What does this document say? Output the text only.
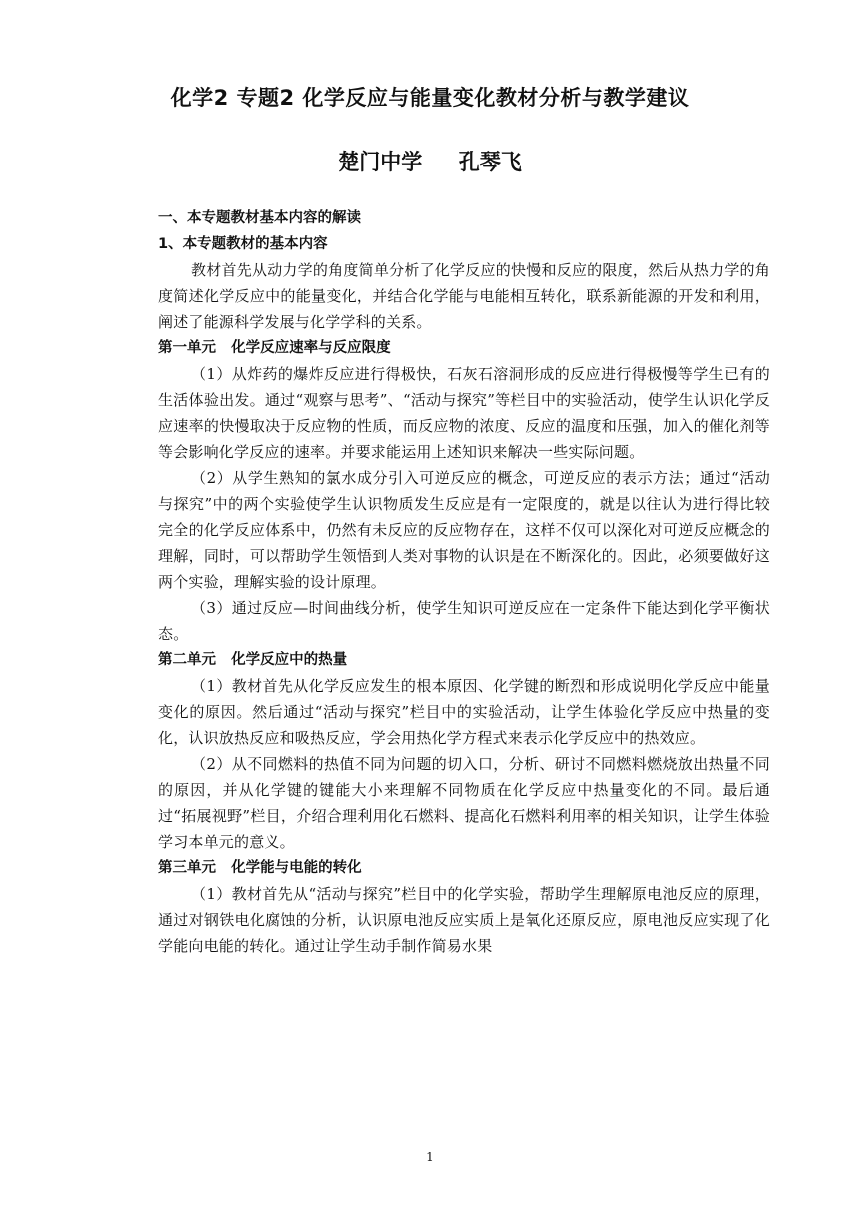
化学2 专题2 化学反应与能量变化教材分析与教学建议
楚门中学     孔琴飞
一、本专题教材基本内容的解读
1、本专题教材的基本内容

教材首先从动力学的角度简单分析了化学反应的快慢和反应的限度，然后从热力学的角度简述化学反应中的能量变化，并结合化学能与电能相互转化，联系新能源的开发和利用，阐述了能源科学发展与化学学科的关系。

第一单元   化学反应速率与反应限度

（1）从炸药的爆炸反应进行得极快，石灰石溶洞形成的反应进行得极慢等学生已有的生活体验出发。通过“观察与思考”、“活动与探究”等栏目中的实验活动，使学生认识化学反应速率的快慢取决于反应物的性质，而反应物的浓度、反应的温度和压强，加入的催化剂等等会影响化学反应的速率。并要求能运用上述知识来解决一些实际问题。

（2）从学生熟知的氯水成分引入可逆反应的概念，可逆反应的表示方法；通过“活动与探究”中的两个实验使学生认识物质发生反应是有一定限度的，就是以往认为进行得比较完全的化学反应体系中，仍然有未反应的反应物存在，这样不仅可以深化对可逆反应概念的理解，同时，可以帮助学生领悟到人类对事物的认识是在不断深化的。因此，必须要做好这两个实验，理解实验的设计原理。

（3）通过反应—时间曲线分析，使学生知识可逆反应在一定条件下能达到化学平衡状态。

第二单元   化学反应中的热量

（1）教材首先从化学反应发生的根本原因、化学键的断烈和形成说明化学反应中能量变化的原因。然后通过“活动与探究”栏目中的实验活动，让学生体验化学反应中热量的变化，认识放热反应和吸热反应，学会用热化学方程式来表示化学反应中的热效应。

（2）从不同燃料的热值不同为问题的切入口，分析、研讨不同燃料燃烧放出热量不同的原因，并从化学键的键能大小来理解不同物质在化学反应中热量变化的不同。最后通过“拓展视野”栏目，介绍合理利用化石燃料、提高化石燃料利用率的相关知识，让学生体验学习本单元的意义。

第三单元   化学能与电能的转化

（1）教材首先从“活动与探究”栏目中的化学实验，帮助学生理解原电池反应的原理，通过对钢铁电化腐蚀的分析，认识原电池反应实质上是氧化还原反应，原电池反应实现了化学能向电能的转化。通过让学生动手制作简易水果

1
